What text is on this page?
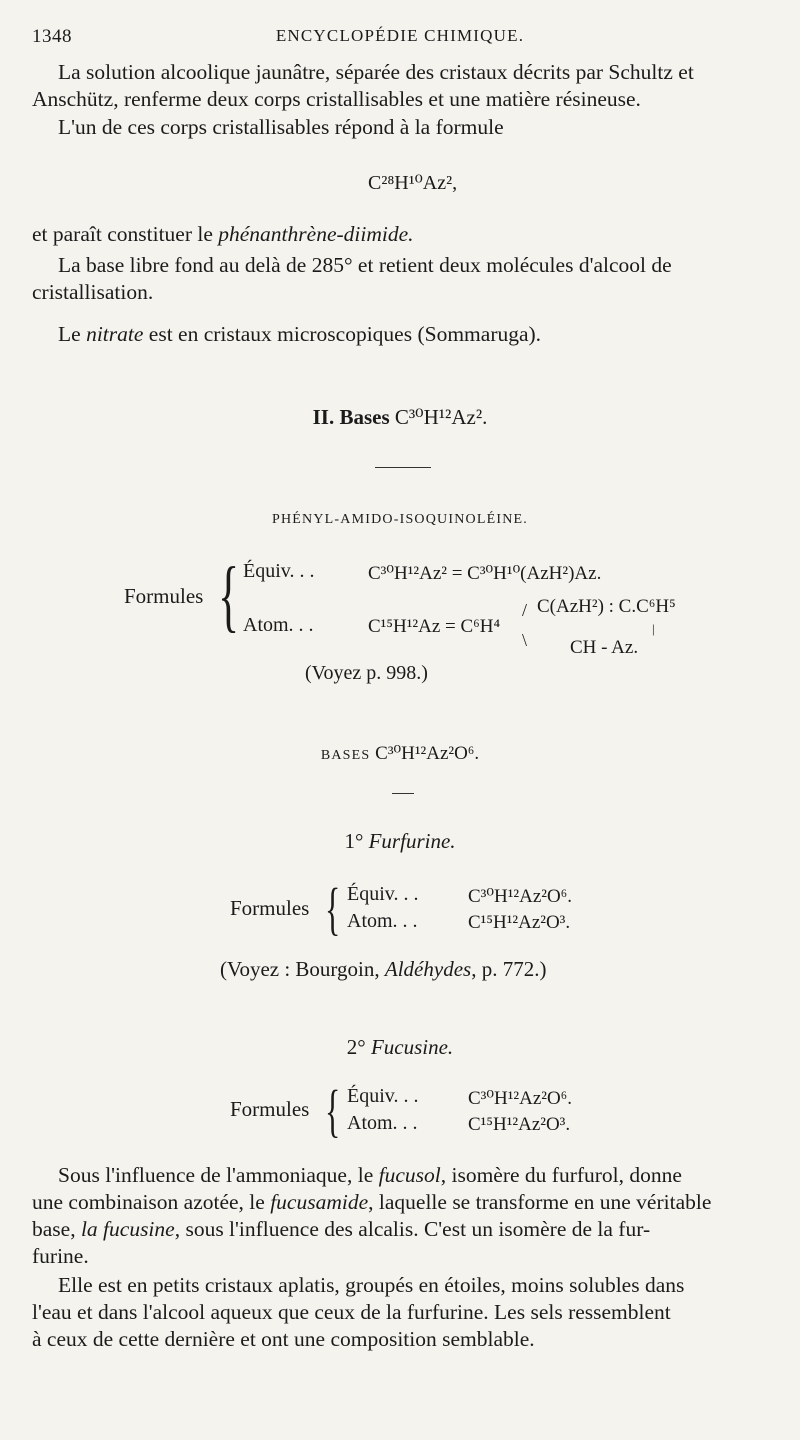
1348	ENCYCLOPÉDIE CHIMIQUE.
La solution alcoolique jaunâtre, séparée des cristaux décrits par Schultz et
Anschütz, renferme deux corps cristallisables et une matière résineuse.
L'un de ces corps cristallisables répond à la formule
C²⁸H¹⁰Az²,
et paraît constituer le phénanthrène-diimide.
La base libre fond au delà de 285° et retient deux molécules d'alcool de
cristallisation.
Le nitrate est en cristaux microscopiques (Sommaruga).
II. Bases C³⁰H¹²Az².
PHÉNYL-AMIDO-ISOQUINOLÉINE.
Formules { Équiv. . .	C³⁰H¹²Az² = C³⁰H¹⁰(AzH²)Az.
Atom. . .	C¹⁵H¹²Az = C⁶H⁴
/
\
C(AzH²) : C.C⁶H⁵
|
CH - Az.
(Voyez p. 998.)
BASES C³⁰H¹²Az²O⁶.
1° Furfurine.
Formules { Équiv. . .	C³⁰H¹²Az²O⁶.
Atom. . .	C¹⁵H¹²Az²O³.
(Voyez : Bourgoin, Aldéhydes, p. 772.)
2° Fucusine.
Formules { Équiv. . .	C³⁰H¹²Az²O⁶.
Atom. . .	C¹⁵H¹²Az²O³.
Sous l'influence de l'ammoniaque, le fucusol, isomère du furfurol, donne
une combinaison azotée, le fucusamide, laquelle se transforme en une véritable
base, la fucusine, sous l'influence des alcalis. C'est un isomère de la fur-
furine.
Elle est en petits cristaux aplatis, groupés en étoiles, moins solubles dans
l'eau et dans l'alcool aqueux que ceux de la furfurine. Les sels ressemblent
à ceux de cette dernière et ont une composition semblable.
